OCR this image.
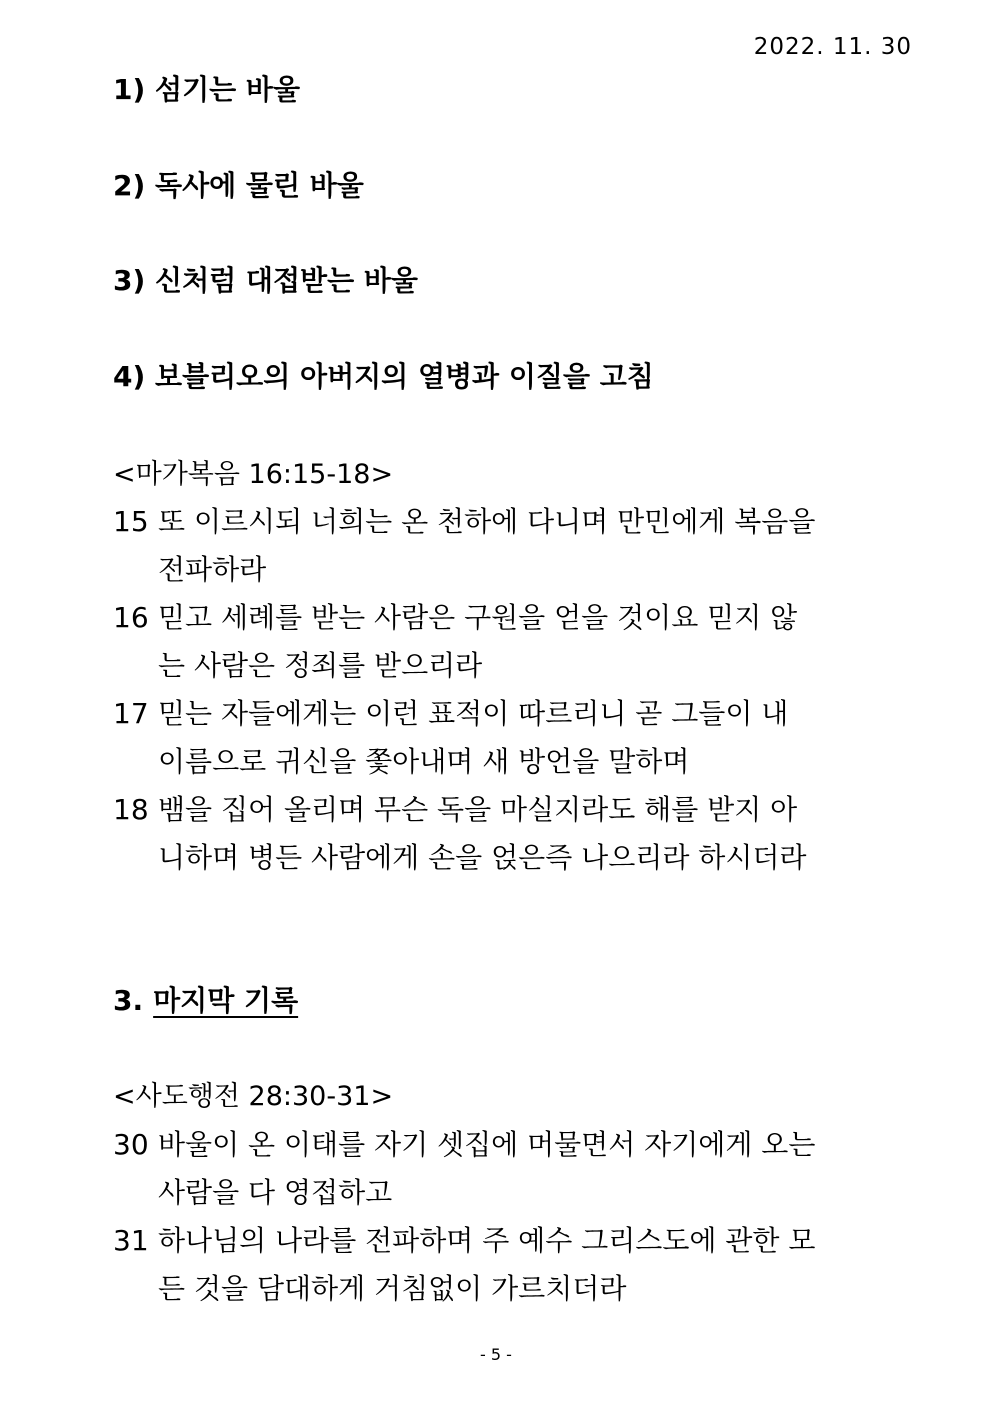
2022. 11. 30
1) 섬기는 바울
2) 독사에 물린 바울
3) 신처럼 대접받는 바울
4) 보블리오의 아버지의 열병과 이질을 고침
<마가복음 16:15-18>
15 또 이르시되 너희는 온 천하에 다니며 만민에게 복음을
전파하라
16 믿고 세례를 받는 사람은 구원을 얻을 것이요 믿지 않
는 사람은 정죄를 받으리라
17 믿는 자들에게는 이런 표적이 따르리니 곧 그들이 내
이름으로 귀신을 쫓아내며 새 방언을 말하며
18 뱀을 집어 올리며 무슨 독을 마실지라도 해를 받지 아
니하며 병든 사람에게 손을 얹은즉 나으리라 하시더라
3. 마지막 기록
<사도행전 28:30-31>
30 바울이 온 이태를 자기 셋집에 머물면서 자기에게 오는
사람을 다 영접하고
31 하나님의 나라를 전파하며 주 예수 그리스도에 관한 모
든 것을 담대하게 거침없이 가르치더라
- 5 -
